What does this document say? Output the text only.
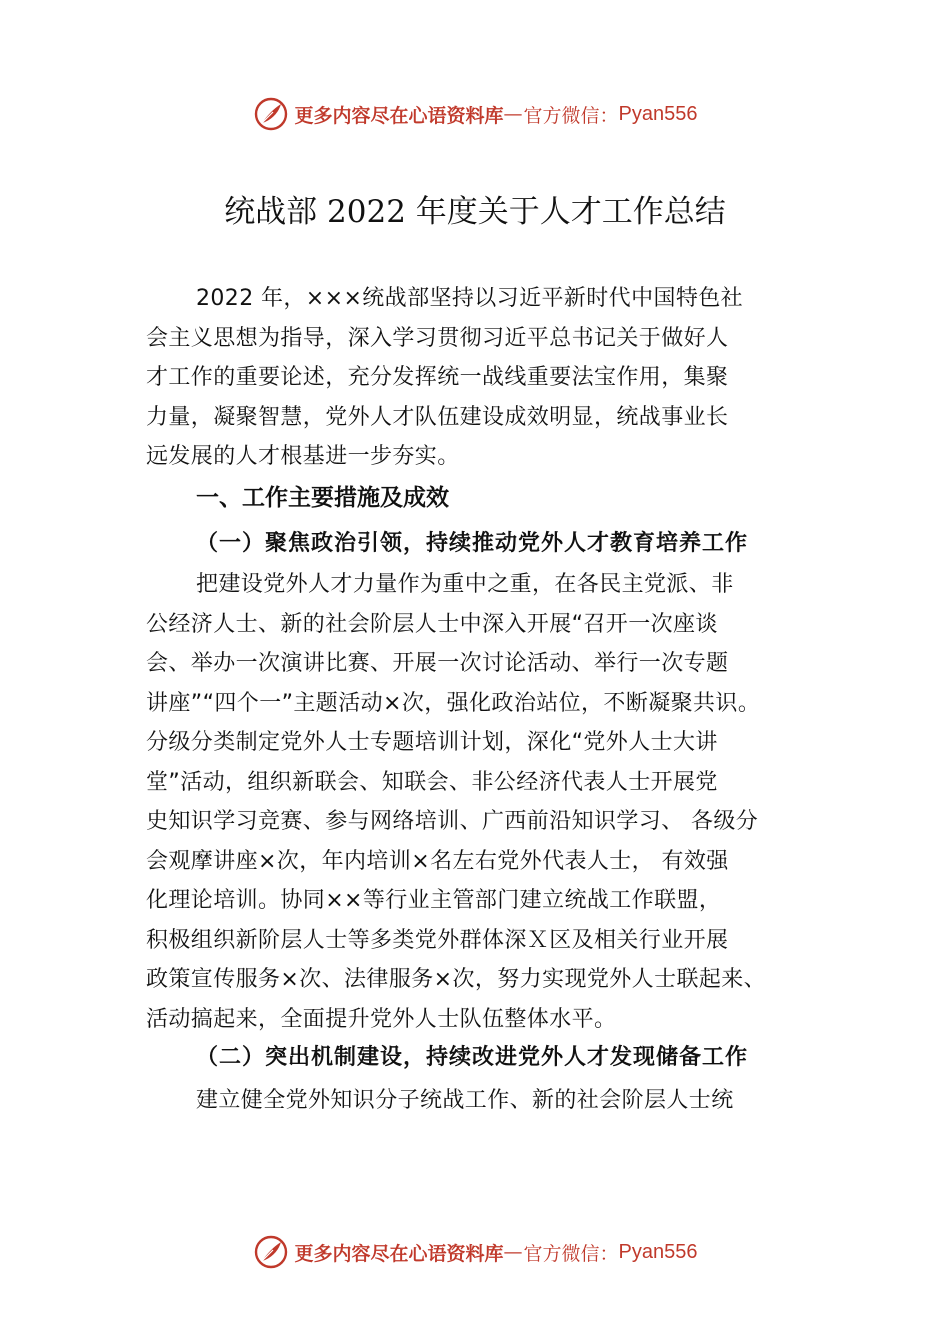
更多内容尽在心语资料库 — 官方微信： Pyan556
统战部 2022 年度关于人才工作总结
2022 年，×××统战部坚持以习近平新时代中国特色社
会主义思想为指导，深入学习贯彻习近平总书记关于做好人
才工作的重要论述，充分发挥统一战线重要法宝作用，集聚
力量，凝聚智慧，党外人才队伍建设成效明显，统战事业长
远发展的人才根基进一步夯实。
一、工作主要措施及成效
（一）聚焦政治引领，持续推动党外人才教育培养工作
把建设党外人才力量作为重中之重，在各民主党派、非
公经济人士、新的社会阶层人士中深入开展“召开一次座谈
会、举办一次演讲比赛、开展一次讨论活动、举行一次专题
讲座”“四个一”主题活动×次，强化政治站位，不断凝聚共识。
分级分类制定党外人士专题培训计划，深化“党外人士大讲
堂”活动，组织新联会、知联会、非公经济代表人士开展党
史知识学习竞赛、参与网络培训、广西前沿知识学习、 各级分
会观摩讲座×次，年内培训×名左右党外代表人士， 有效强
化理论培训。协同××等行业主管部门建立统战工作联盟，
积极组织新阶层人士等多类党外群体深Ｘ区及相关行业开展
政策宣传服务×次、法律服务×次，努力实现党外人士联起来、
活动搞起来，全面提升党外人士队伍整体水平。
（二）突出机制建设，持续改进党外人才发现储备工作
建立健全党外知识分子统战工作、新的社会阶层人士统
更多内容尽在心语资料库 — 官方微信： Pyan556
